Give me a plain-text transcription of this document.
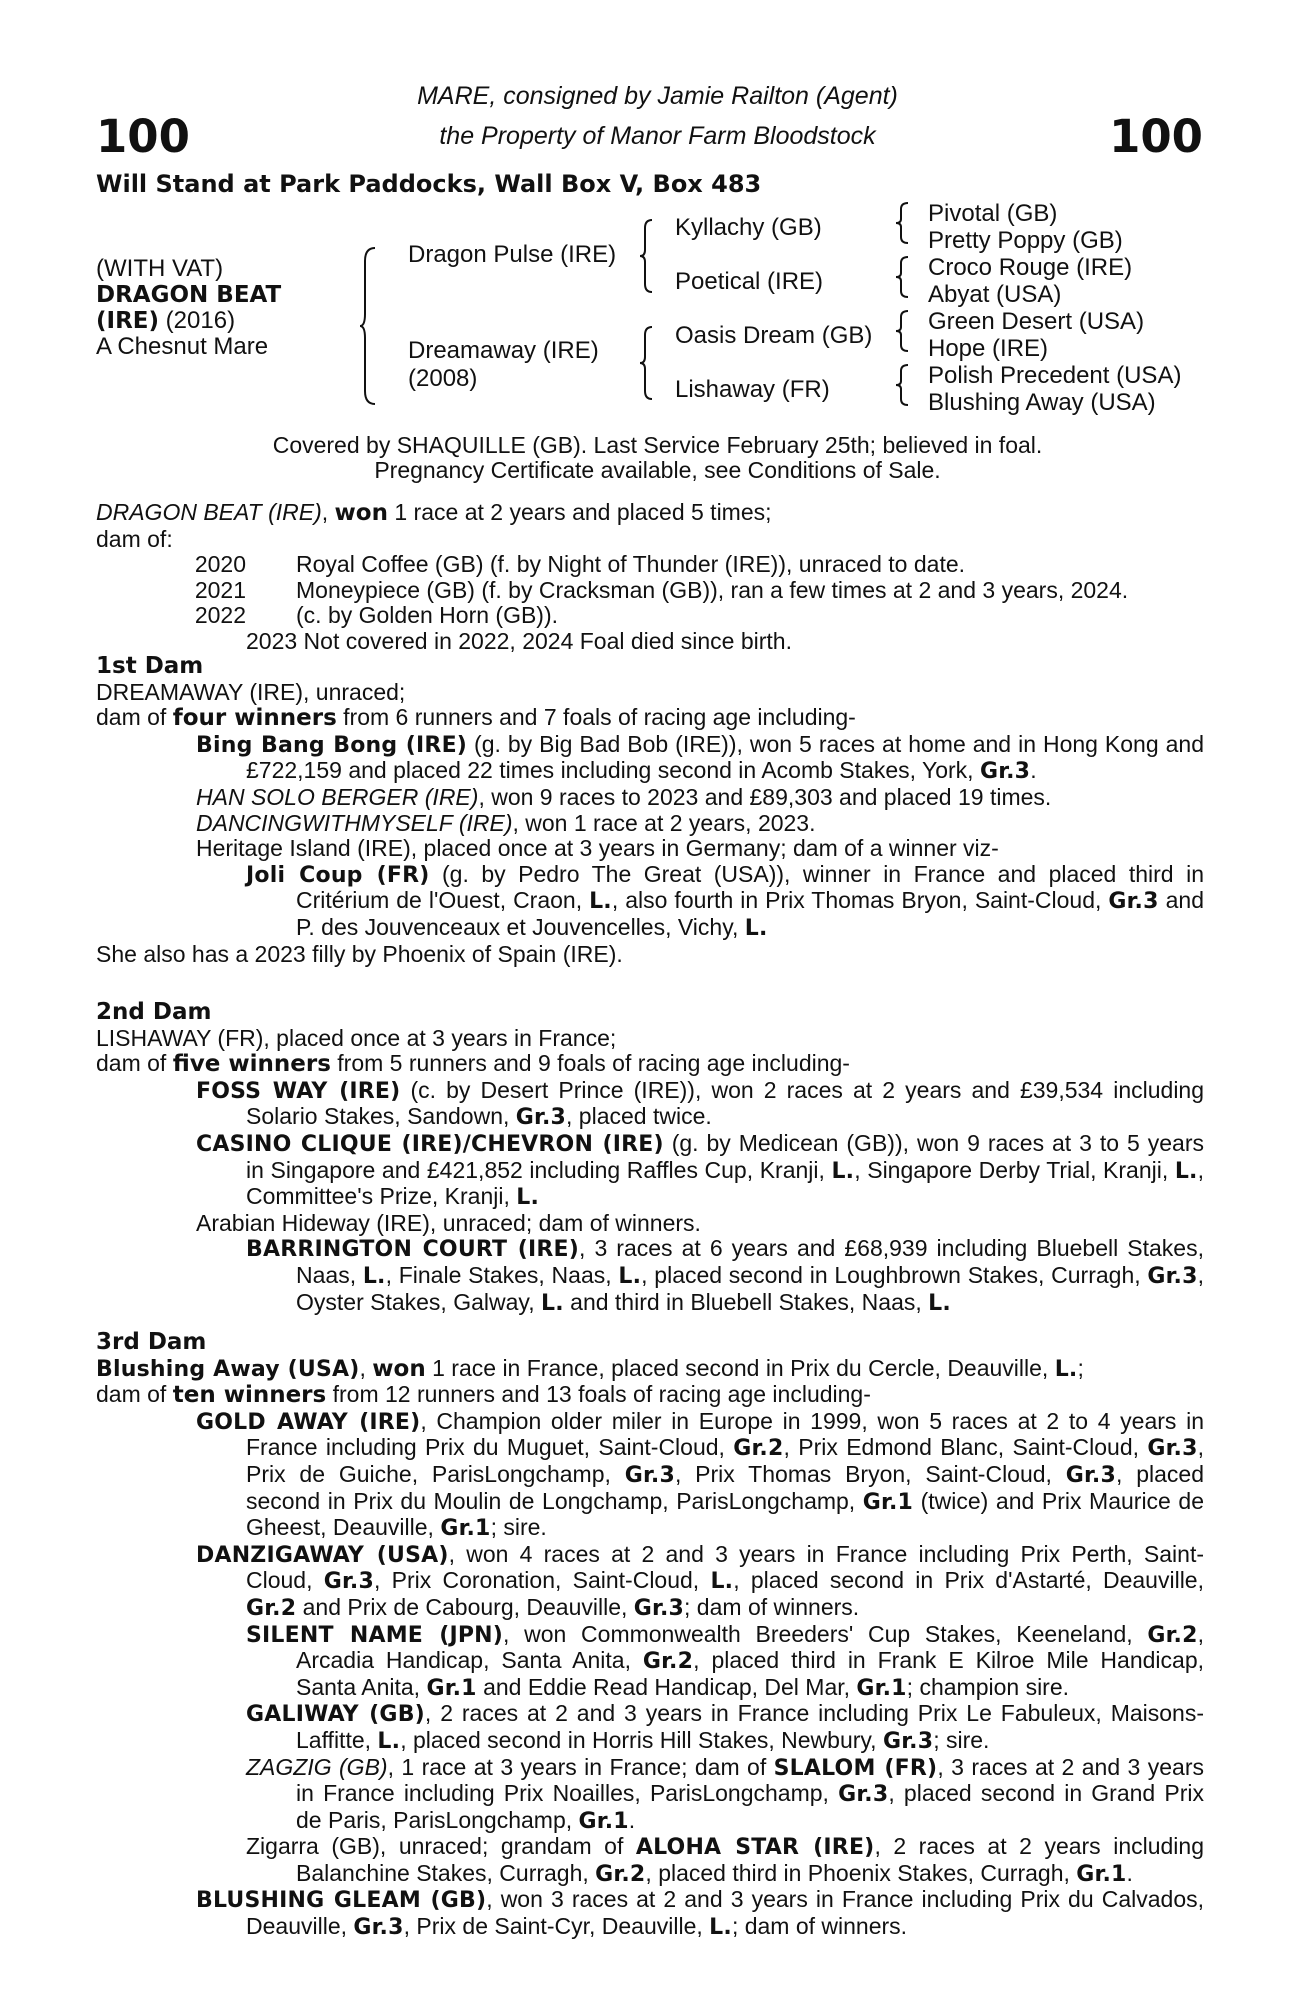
100	100
MARE, consigned by Jamie Railton (Agent)
the Property of Manor Farm Bloodstock
Will Stand at Park Paddocks, Wall Box V, Box 483
(WITH VAT)
DRAGON BEAT
(IRE) (2016)
A Chesnut Mare
Dragon Pulse (IRE)
Dreamaway (IRE)
(2008)
Kyllachy (GB)
Poetical (IRE)
Oasis Dream (GB)
Lishaway (FR)
Pivotal (GB)
Pretty Poppy (GB)
Croco Rouge (IRE)
Abyat (USA)
Green Desert (USA)
Hope (IRE)
Polish Precedent (USA)
Blushing Away (USA)
Covered by SHAQUILLE (GB). Last Service February 25th; believed in foal.
Pregnancy Certificate available, see Conditions of Sale.

DRAGON BEAT (IRE), won 1 race at 2 years and placed 5 times;

dam of:

2020	Royal Coffee (GB) (f. by Night of Thunder (IRE)), unraced to date.
2021	Moneypiece (GB) (f. by Cracksman (GB)), ran a few times at 2 and 3 years, 2024.
2022	(c. by Golden Horn (GB)).

2023 Not covered in 2022, 2024 Foal died since birth.

1st Dam

DREAMAWAY (IRE), unraced;

dam of four winners from 6 runners and 7 foals of racing age including-

Bing Bang Bong (IRE) (g. by Big Bad Bob (IRE)), won 5 races at home and in Hong Kong and £722,159 and placed 22 times including second in Acomb Stakes, York, Gr.3.

HAN SOLO BERGER (IRE), won 9 races to 2023 and £89,303 and placed 19 times.

DANCINGWITHMYSELF (IRE), won 1 race at 2 years, 2023.

Heritage Island (IRE), placed once at 3 years in Germany; dam of a winner viz-

Joli Coup (FR) (g. by Pedro The Great (USA)), winner in France and placed third in Critérium de l'Ouest, Craon, L., also fourth in Prix Thomas Bryon, Saint-Cloud, Gr.3 and P. des Jouvenceaux et Jouvencelles, Vichy, L.

She also has a 2023 filly by Phoenix of Spain (IRE).

2nd Dam

LISHAWAY (FR), placed once at 3 years in France;

dam of five winners from 5 runners and 9 foals of racing age including-

FOSS WAY (IRE) (c. by Desert Prince (IRE)), won 2 races at 2 years and £39,534 including Solario Stakes, Sandown, Gr.3, placed twice.

CASINO CLIQUE (IRE)/CHEVRON (IRE) (g. by Medicean (GB)), won 9 races at 3 to 5 years in Singapore and £421,852 including Raffles Cup, Kranji, L., Singapore Derby Trial, Kranji, L., Committee's Prize, Kranji, L.

Arabian Hideway (IRE), unraced; dam of winners.

BARRINGTON COURT (IRE), 3 races at 6 years and £68,939 including Bluebell Stakes, Naas, L., Finale Stakes, Naas, L., placed second in Loughbrown Stakes, Curragh, Gr.3, Oyster Stakes, Galway, L. and third in Bluebell Stakes, Naas, L.

3rd Dam

Blushing Away (USA), won 1 race in France, placed second in Prix du Cercle, Deauville, L.;

dam of ten winners from 12 runners and 13 foals of racing age including-

GOLD AWAY (IRE), Champion older miler in Europe in 1999, won 5 races at 2 to 4 years in France including Prix du Muguet, Saint-Cloud, Gr.2, Prix Edmond Blanc, Saint-Cloud, Gr.3, Prix de Guiche, ParisLongchamp, Gr.3, Prix Thomas Bryon, Saint-Cloud, Gr.3, placed second in Prix du Moulin de Longchamp, ParisLongchamp, Gr.1 (twice) and Prix Maurice de Gheest, Deauville, Gr.1; sire.

DANZIGAWAY (USA), won 4 races at 2 and 3 years in France including Prix Perth, Saint- Cloud, Gr.3, Prix Coronation, Saint-Cloud, L., placed second in Prix d'Astarté, Deauville, Gr.2 and Prix de Cabourg, Deauville, Gr.3; dam of winners.

SILENT NAME (JPN), won Commonwealth Breeders' Cup Stakes, Keeneland, Gr.2, Arcadia Handicap, Santa Anita, Gr.2, placed third in Frank E Kilroe Mile Handicap, Santa Anita, Gr.1 and Eddie Read Handicap, Del Mar, Gr.1; champion sire.

GALIWAY (GB), 2 races at 2 and 3 years in France including Prix Le Fabuleux, Maisons-Laffitte, L., placed second in Horris Hill Stakes, Newbury, Gr.3; sire.

ZAGZIG (GB), 1 race at 3 years in France; dam of SLALOM (FR), 3 races at 2 and 3 years in France including Prix Noailles, ParisLongchamp, Gr.3, placed second in Grand Prix de Paris, ParisLongchamp, Gr.1.

Zigarra (GB), unraced; grandam of ALOHA STAR (IRE), 2 races at 2 years including Balanchine Stakes, Curragh, Gr.2, placed third in Phoenix Stakes, Curragh, Gr.1.

BLUSHING GLEAM (GB), won 3 races at 2 and 3 years in France including Prix du Calvados, Deauville, Gr.3, Prix de Saint-Cyr, Deauville, L.; dam of winners.
